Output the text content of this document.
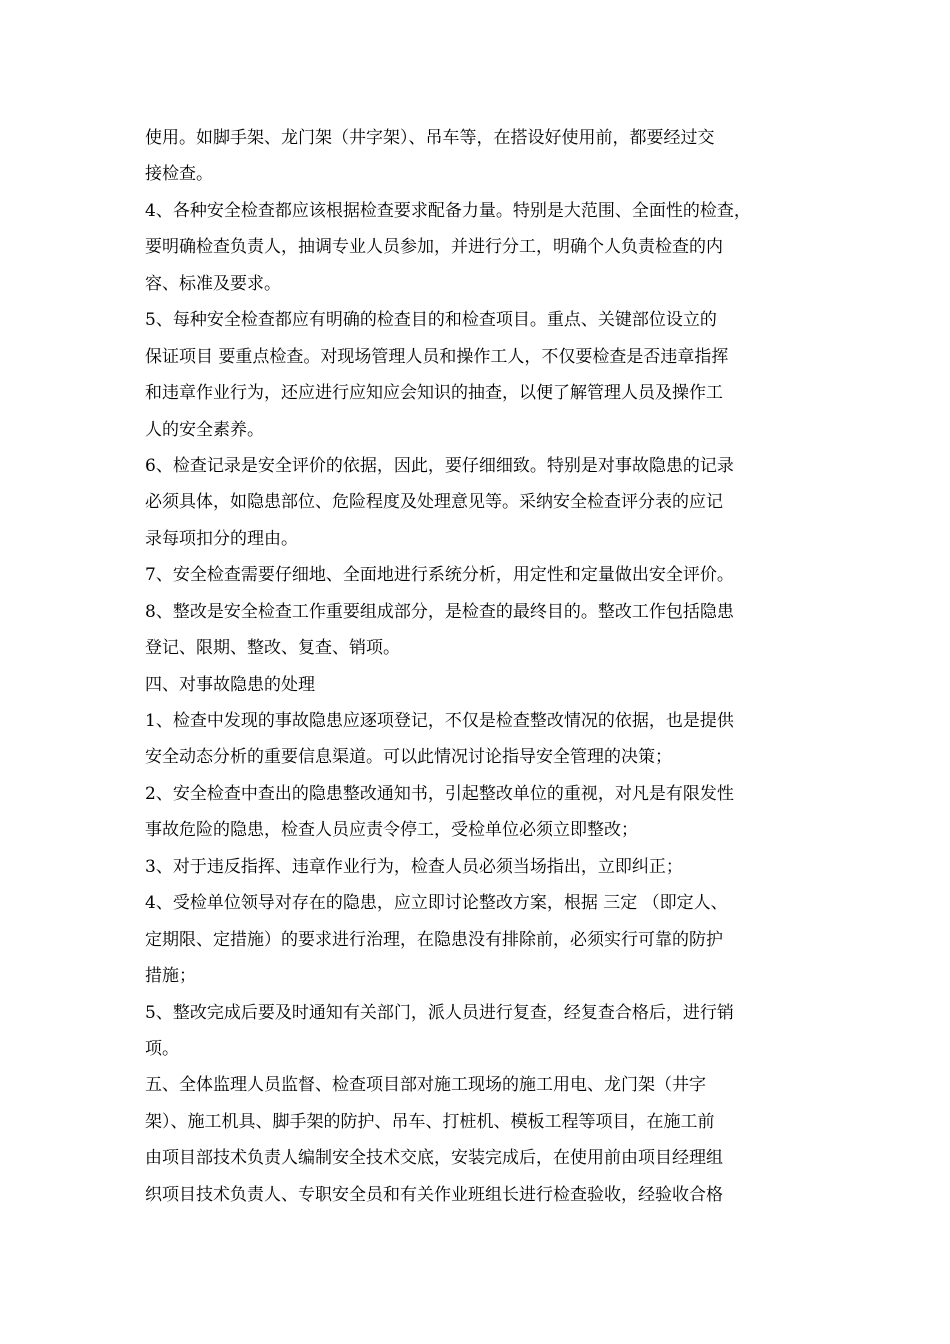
使用。如脚手架、龙门架（井字架）、吊车等，在搭设好使用前，都要经过交
接检查。
4、各种安全检查都应该根据检查要求配备力量。特别是大范围、全面性的检查，
要明确检查负责人，抽调专业人员参加，并进行分工，明确个人负责检查的内
容、标准及要求。
5、每种安全检查都应有明确的检查目的和检查项目。重点、关键部位设立的
保证项目 要重点检查。对现场管理人员和操作工人，不仅要检查是否违章指挥
和违章作业行为，还应进行应知应会知识的抽查，以便了解管理人员及操作工
人的安全素养。
6、检查记录是安全评价的依据，因此，要仔细细致。特别是对事故隐患的记录
必须具体，如隐患部位、危险程度及处理意见等。采纳安全检查评分表的应记
录每项扣分的理由。
7、安全检查需要仔细地、全面地进行系统分析，用定性和定量做出安全评价。
8、整改是安全检查工作重要组成部分，是检查的最终目的。整改工作包括隐患
登记、限期、整改、复查、销项。
四、对事故隐患的处理
1、检查中发现的事故隐患应逐项登记，不仅是检查整改情况的依据，也是提供
安全动态分析的重要信息渠道。可以此情况讨论指导安全管理的决策；
2、安全检查中查出的隐患整改通知书，引起整改单位的重视，对凡是有限发性
事故危险的隐患，检查人员应责令停工，受检单位必须立即整改；
3、对于违反指挥、违章作业行为，检查人员必须当场指出，立即纠正；
4、受检单位领导对存在的隐患，应立即讨论整改方案，根据 三定 （即定人、
定期限、定措施）的要求进行治理，在隐患没有排除前，必须实行可靠的防护
措施；
5、整改完成后要及时通知有关部门，派人员进行复查，经复查合格后，进行销
项。
五、全体监理人员监督、检查项目部对施工现场的施工用电、龙门架（井字
架）、施工机具、脚手架的防护、吊车、打桩机、模板工程等项目，在施工前
由项目部技术负责人编制安全技术交底，安装完成后，在使用前由项目经理组
织项目技术负责人、专职安全员和有关作业班组长进行检查验收，经验收合格
